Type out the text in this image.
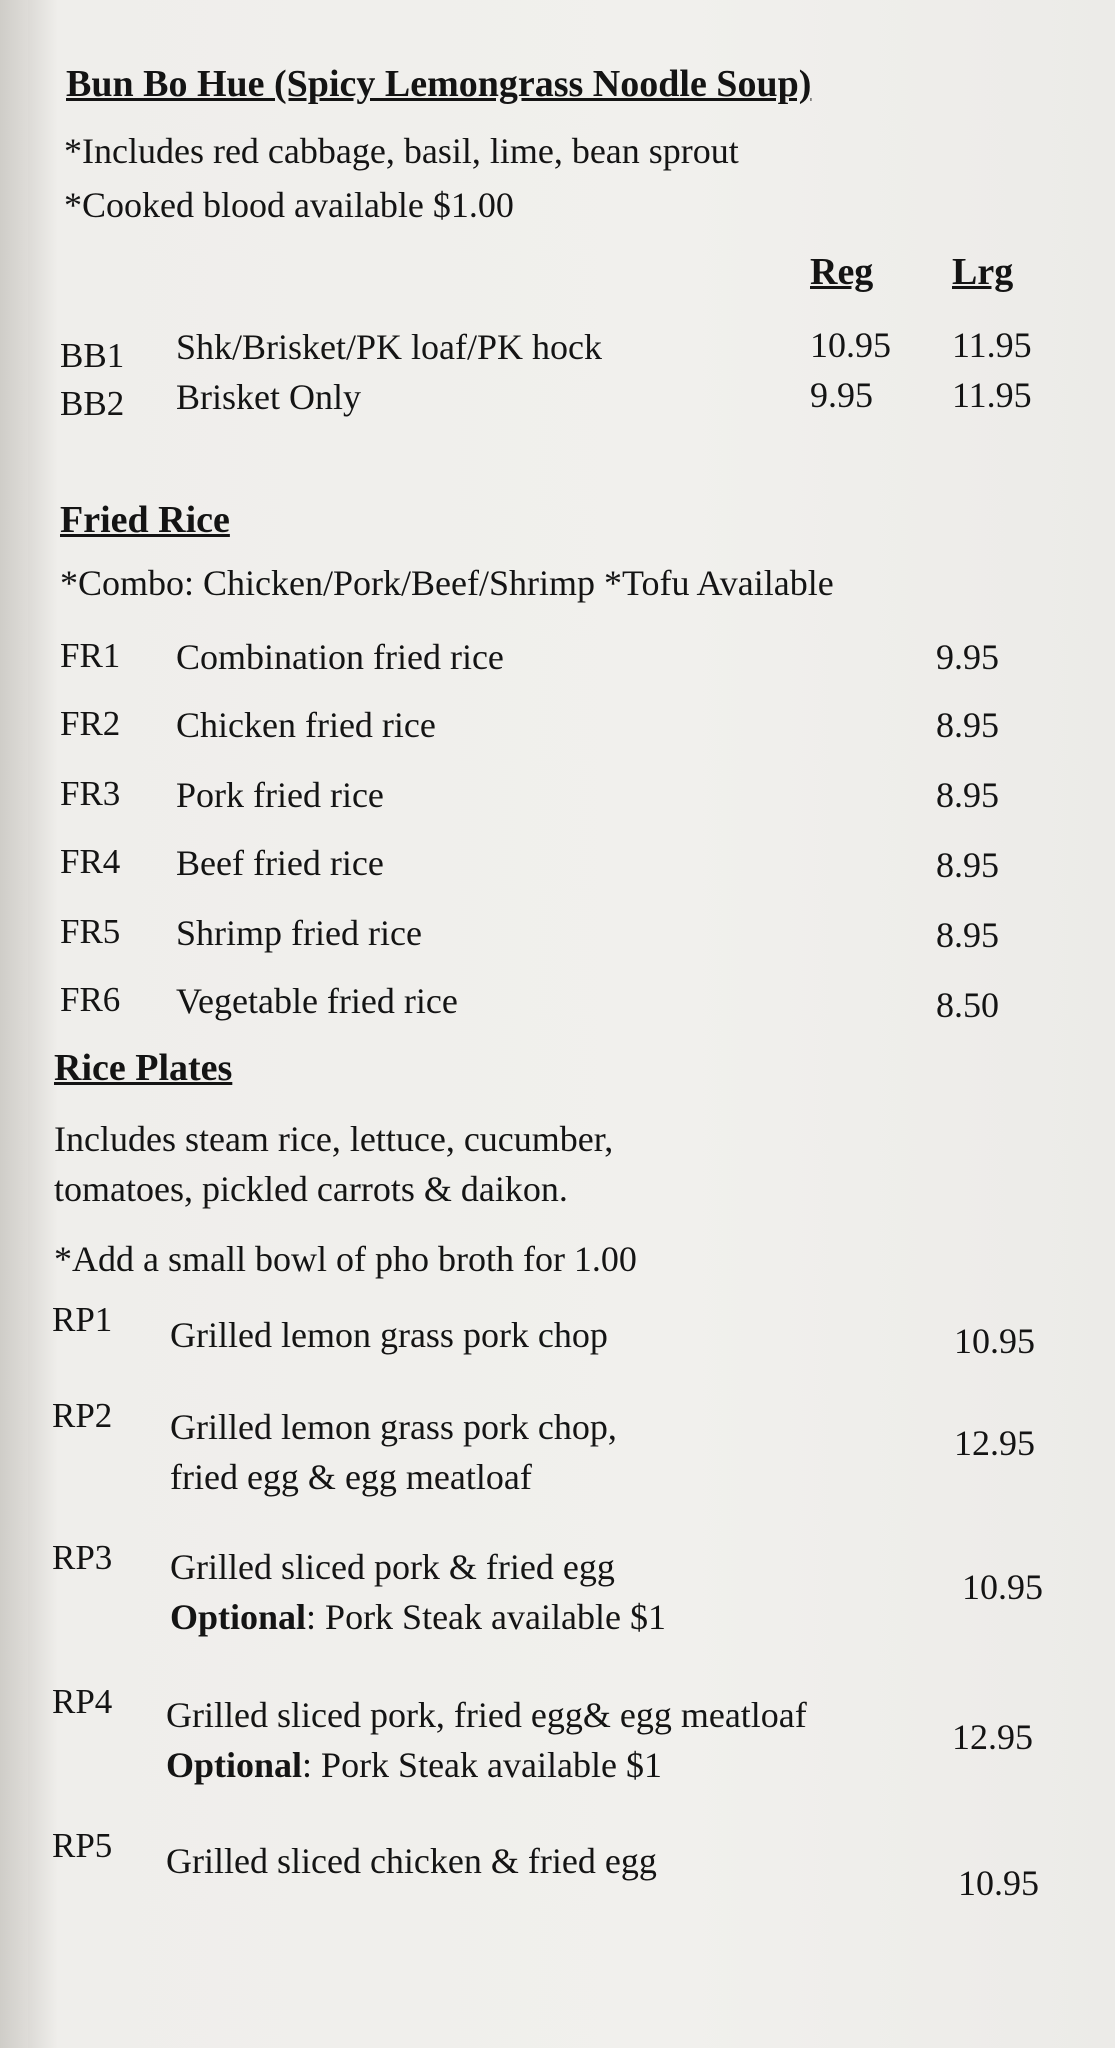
Bun Bo Hue (Spicy Lemongrass Noodle Soup)
*Includes red cabbage, basil, lime, bean sprout
*Cooked blood available $1.00
Reg Lrg
BB1 Shk/Brisket/PK loaf/PK hock	10.95 11.95
BB2 Brisket Only	9.95 11.95
Fried Rice
*Combo: Chicken/Pork/Beef/Shrimp *Tofu Available
FR1 Combination fried rice	9.95
FR2 Chicken fried rice	8.95
FR3 Pork fried rice	8.95
FR4 Beef fried rice	8.95
FR5 Shrimp fried rice	8.95
FR6 Vegetable fried rice	8.50
Rice Plates
Includes steam rice, lettuce, cucumber,
tomatoes, pickled carrots & daikon.
*Add a small bowl of pho broth for 1.00
RP1 Grilled lemon grass pork chop	10.95
RP2 Grilled lemon grass pork chop,
fried egg & egg meatloaf
12.95
RP3 Grilled sliced pork & fried egg
Optional: Pork Steak available $1
10.95
RP4 Grilled sliced pork, fried egg& egg meatloaf
Optional: Pork Steak available $1
12.95
RP5 Grilled sliced chicken & fried egg
10.95
